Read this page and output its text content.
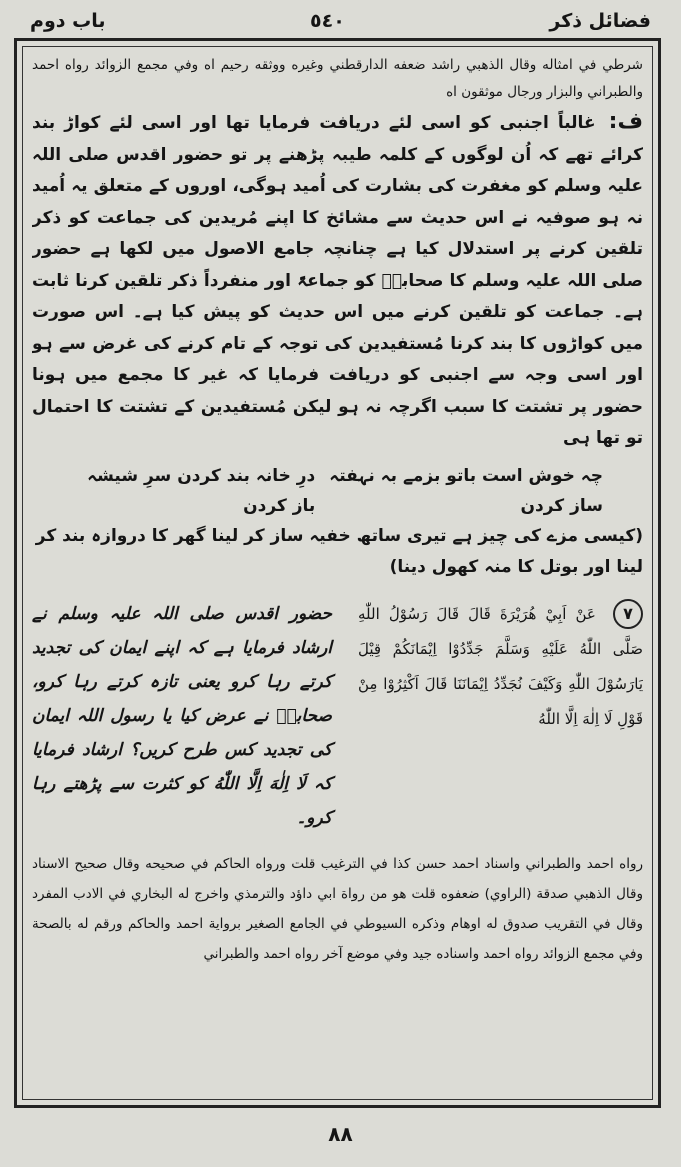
فضائل ذکر
٥٤٠
باب دوم

شرطي في امثاله وقال الذهبي راشد ضعفه الدارقطني وغيره ووثقه رحيم اه وفي مجمع الزوائد رواه احمد والطبراني والبزار ورجال موثقون اه

ف: غالباً اجنبی کو اسی لئے دریافت فرمایا تھا اور اسی لئے کواڑ بند کرائے تھے کہ اُن لوگوں کے کلمہ طیبہ پڑھنے پر تو حضور اقدس صلی اللہ علیہ وسلم کو مغفرت کی بشارت کی اُمید ہوگی، اوروں کے متعلق یہ اُمید نہ ہو صوفیہ نے اس حدیث سے مشائخ کا اپنے مُریدین کی جماعت کو ذکر تلقین کرنے پر استدلال کیا ہے چنانچہ جامع الاصول میں لکھا ہے حضور صلی اللہ علیہ وسلم کا صحابہؓ کو جماعۃً اور منفرداً ذکر تلقین کرنا ثابت ہے۔ جماعت کو تلقین کرنے میں اس حدیث کو پیش کیا ہے۔ اس صورت میں کواڑوں کا بند کرنا مُستفیدین کی توجہ کے تام کرنے کی غرض سے ہو اور اسی وجہ سے اجنبی کو دریافت فرمایا کہ غیر کا مجمع میں ہونا حضور پر تشتت کا سبب اگرچہ نہ ہو لیکن مُستفیدین کے تشتت کا احتمال تو تھا ہی

چہ خوش است باتو بزمے بہ نہفتہ ساز کردن
درِ خانہ بند کردن سرِ شیشہ باز کردن

(کیسی مزے کی چیز ہے تیری ساتھ خفیہ ساز کر لینا گھر کا دروازہ بند کر لینا اور بوتل کا منہ کھول دینا)

٧ عَنْ اَبِيْ هُرَيْرَةَ قَالَ قَالَ رَسُوْلُ اللّٰهِ صَلَّى اللّٰهُ عَلَيْهِ وَسَلَّمَ جَدِّدُوْا اِيْمَانَكُمْ قِيْلَ يَارَسُوْلَ اللّٰهِ وَكَيْفَ نُجَدِّدُ اِيْمَانَنَا قَالَ اَكْثِرُوْا مِنْ قَوْلِ لَا اِلٰهَ اِلَّا اللّٰهُ
حضور اقدس صلی اللہ علیہ وسلم نے ارشاد فرمایا ہے کہ اپنے ایمان کی تجدید کرتے رہا کرو یعنی تازہ کرتے رہا کرو، صحابہؓ نے عرض کیا یا رسول اللہ ایمان کی تجدید کس طرح کریں؟ ارشاد فرمایا کہ لَا اِلٰهَ اِلَّا اللّٰهُ کو کثرت سے پڑھتے رہا کرو۔

رواه احمد والطبراني واسناد احمد حسن كذا في الترغيب قلت ورواه الحاكم في صحيحه وقال صحيح الاسناد وقال الذهبي صدقة (الراوي) ضعفوه قلت هو من رواة ابي داؤد والترمذي واخرج له البخاري في الادب المفرد وقال في التقريب صدوق له اوهام وذكره السيوطي في الجامع الصغير برواية احمد والحاكم ورقم له بالصحة وفي مجمع الزوائد رواه احمد واسناده جيد وفي موضع آخر رواه احمد والطبراني

٨٨
